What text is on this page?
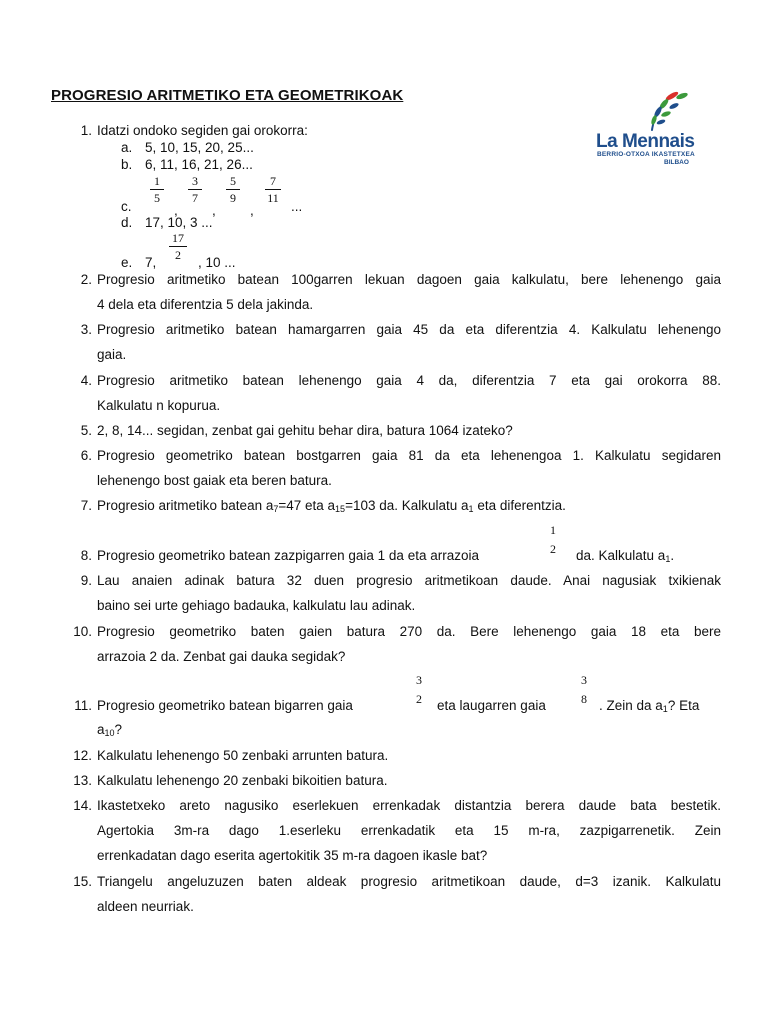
PROGRESIO ARITMETIKO ETA GEOMETRIKOAK
La Mennais
BERRIO-OTXOA IKASTETXEA
BILBAO
1. Idatzi ondoko segiden gai orokorra:
a. 5, 10, 15, 20, 25...
b. 6, 11, 16, 21, 26...
c.
1
5
,
3
7
,
5
9
,
7
11
...
d. 17, 10, 3 ...
e. 7,
17
2	, 10 ...
2. Progresio aritmetiko batean 100garren lekuan dagoen gaia kalkulatu, bere lehenengo gaia
4 dela eta diferentzia 5 dela jakinda.
3. Progresio aritmetiko batean hamargarren gaia 45 da eta diferentzia 4. Kalkulatu lehenengo
gaia.
4. Progresio aritmetiko batean lehenengo gaia 4 da, diferentzia 7 eta gai orokorra 88.
Kalkulatu n kopurua.
5. 2, 8, 14... segidan, zenbat gai gehitu behar dira, batura 1064 izateko?
6. Progresio geometriko batean bostgarren gaia 81 da eta lehenengoa 1. Kalkulatu segidaren
lehenengo bost gaiak eta beren batura.
7. Progresio aritmetiko batean $a_7=47$ eta $a_{15}=103$ da. Kalkulatu $a_1$ eta diferentzia.
8. Progresio geometriko batean zazpigarren gaia 1 da eta arrazoia
1
2 da. Kalkulatu $a_1$.
9. Lau anaien adinak batura 32 duen progresio aritmetikoan daude. Anai nagusiak txikienak
baino sei urte gehiago badauka, kalkulatu lau adinak.
10. Progresio geometriko baten gaien batura 270 da. Bere lehenengo gaia 18 eta bere
arrazoia 2 da. Zenbat gai dauka segidak?
11. Progresio geometriko batean bigarren gaia
3
2 eta laugarren gaia
3
8 . Zein da $a_1$? Eta
$a_{10}$?
12. Kalkulatu lehenengo 50 zenbaki arrunten batura.
13. Kalkulatu lehenengo 20 zenbaki bikoitien batura.
14. Ikastetxeko areto nagusiko eserlekuen errenkadak distantzia berera daude bata bestetik.
Agertokia 3m-ra dago 1.eserleku errenkadatik eta 15 m-ra, zazpigarrenetik. Zein
errenkadatan dago eserita agertokitik 35 m-ra dagoen ikasle bat?
15. Triangelu angeluzuzen baten aldeak progresio aritmetikoan daude, d=3 izanik. Kalkulatu
aldeen neurriak.
